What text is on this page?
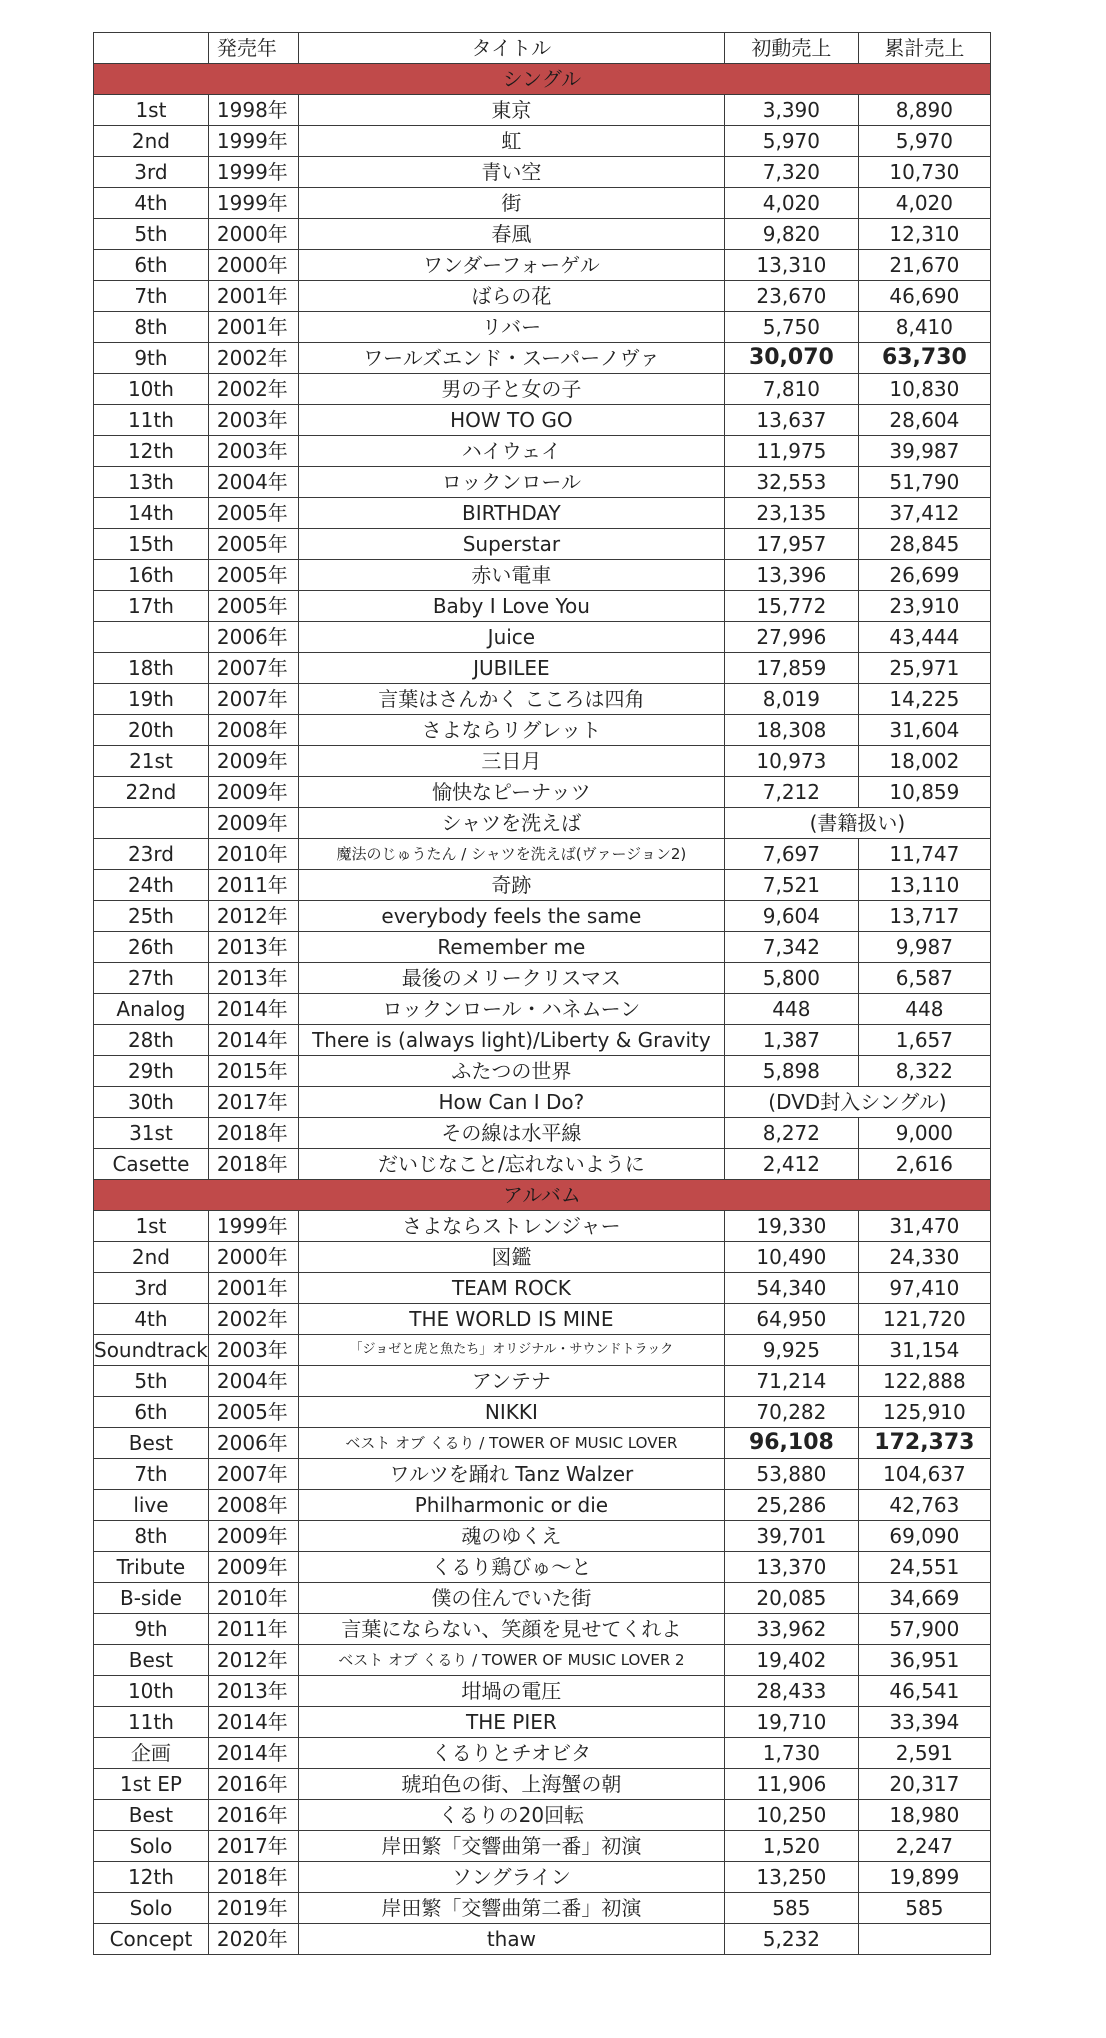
	発売年	タイトル	初動売上	累計売上
シングル				
1st	1998年	東京	3,390	8,890
2nd	1999年	虹	5,970	5,970
3rd	1999年	青い空	7,320	10,730
4th	1999年	街	4,020	4,020
5th	2000年	春風	9,820	12,310
6th	2000年	ワンダーフォーゲル	13,310	21,670
7th	2001年	ばらの花	23,670	46,690
8th	2001年	リバー	5,750	8,410
9th	2002年	ワールズエンド・スーパーノヴァ	30,070	63,730
10th	2002年	男の子と女の子	7,810	10,830
11th	2003年	HOW TO GO	13,637	28,604
12th	2003年	ハイウェイ	11,975	39,987
13th	2004年	ロックンロール	32,553	51,790
14th	2005年	BIRTHDAY	23,135	37,412
15th	2005年	Superstar	17,957	28,845
16th	2005年	赤い電車	13,396	26,699
17th	2005年	Baby I Love You	15,772	23,910
	2006年	Juice	27,996	43,444
18th	2007年	JUBILEE	17,859	25,971
19th	2007年	言葉はさんかく こころは四角	8,019	14,225
20th	2008年	さよならリグレット	18,308	31,604
21st	2009年	三日月	10,973	18,002
22nd	2009年	愉快なピーナッツ	7,212	10,859
	2009年	シャツを洗えば	(書籍扱い)	
23rd	2010年	魔法のじゅうたん / シャツを洗えば(ヴァージョン2)	7,697	11,747
24th	2011年	奇跡	7,521	13,110
25th	2012年	everybody feels the same	9,604	13,717
26th	2013年	Remember me	7,342	9,987
27th	2013年	最後のメリークリスマス	5,800	6,587
Analog	2014年	ロックンロール・ハネムーン	448	448
28th	2014年	There is (always light)/Liberty & Gravity	1,387	1,657
29th	2015年	ふたつの世界	5,898	8,322
30th	2017年	How Can I Do?	(DVD封入シングル)	
31st	2018年	その線は水平線	8,272	9,000
Casette	2018年	だいじなこと/忘れないように	2,412	2,616
アルバム				
1st	1999年	さよならストレンジャー	19,330	31,470
2nd	2000年	図鑑	10,490	24,330
3rd	2001年	TEAM ROCK	54,340	97,410
4th	2002年	THE WORLD IS MINE	64,950	121,720
Soundtrack	2003年	「ジョゼと虎と魚たち」オリジナル・サウンドトラック	9,925	31,154
5th	2004年	アンテナ	71,214	122,888
6th	2005年	NIKKI	70,282	125,910
Best	2006年	ベスト オブ くるり / TOWER OF MUSIC LOVER	96,108	172,373
7th	2007年	ワルツを踊れ Tanz Walzer	53,880	104,637
live	2008年	Philharmonic or die	25,286	42,763
8th	2009年	魂のゆくえ	39,701	69,090
Tribute	2009年	くるり鶏びゅ〜と	13,370	24,551
B-side	2010年	僕の住んでいた街	20,085	34,669
9th	2011年	言葉にならない、笑顔を見せてくれよ	33,962	57,900
Best	2012年	ベスト オブ くるり / TOWER OF MUSIC LOVER 2	19,402	36,951
10th	2013年	坩堝の電圧	28,433	46,541
11th	2014年	THE PIER	19,710	33,394
企画	2014年	くるりとチオビタ	1,730	2,591
1st EP	2016年	琥珀色の街、上海蟹の朝	11,906	20,317
Best	2016年	くるりの20回転	10,250	18,980
Solo	2017年	岸田繁「交響曲第一番」初演	1,520	2,247
12th	2018年	ソングライン	13,250	19,899
Solo	2019年	岸田繁「交響曲第二番」初演	585	585
Concept	2020年	thaw	5,232	
